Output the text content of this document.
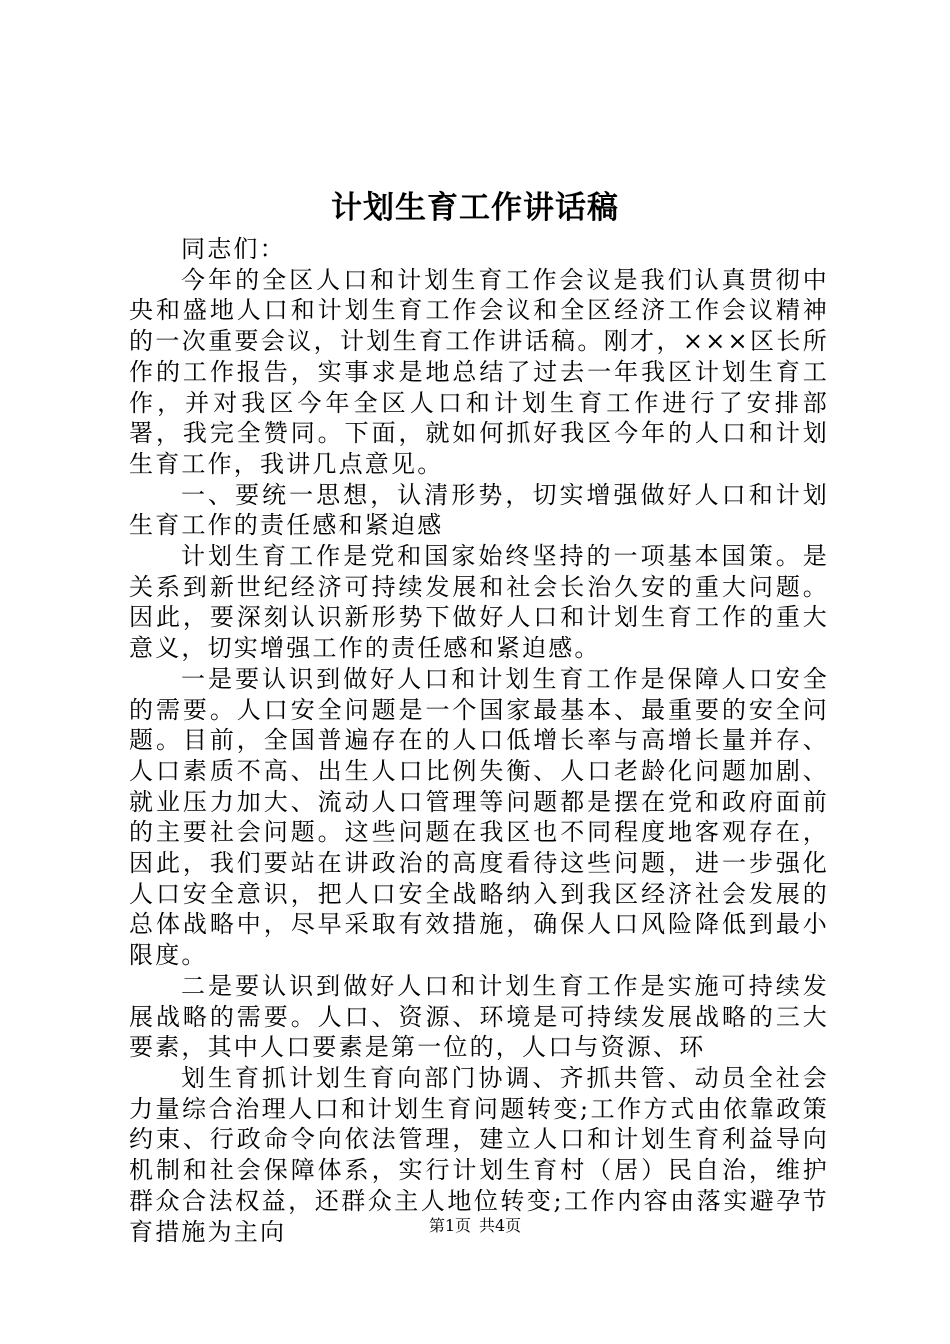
计划生育工作讲话稿

同志们：

今年的全区人口和计划生育工作会议是我们认真贯彻中央和盛地人口和计划生育工作会议和全区经济工作会议精神的一次重要会议，计划生育工作讲话稿。刚才，×××区长所作的工作报告，实事求是地总结了过去一年我区计划生育工作，并对我区今年全区人口和计划生育工作进行了安排部署，我完全赞同。下面，就如何抓好我区今年的人口和计划生育工作，我讲几点意见。

一、要统一思想，认清形势，切实增强做好人口和计划生育工作的责任感和紧迫感

计划生育工作是党和国家始终坚持的一项基本国策。是关系到新世纪经济可持续发展和社会长治久安的重大问题。因此，要深刻认识新形势下做好人口和计划生育工作的重大意义，切实增强工作的责任感和紧迫感。

一是要认识到做好人口和计划生育工作是保障人口安全的需要。人口安全问题是一个国家最基本、最重要的安全问题。目前，全国普遍存在的人口低增长率与高增长量并存、人口素质不高、出生人口比例失衡、人口老龄化问题加剧、就业压力加大、流动人口管理等问题都是摆在党和政府面前的主要社会问题。这些问题在我区也不同程度地客观存在，因此，我们要站在讲政治的高度看待这些问题，进一步强化人口安全意识，把人口安全战略纳入到我区经济社会发展的总体战略中，尽早采取有效措施，确保人口风险降低到最小限度。

二是要认识到做好人口和计划生育工作是实施可持续发展战略的需要。人口、资源、环境是可持续发展战略的三大要素，其中人口要素是第一位的，人口与资源、环

划生育抓计划生育向部门协调、齐抓共管、动员全社会力量综合治理人口和计划生育问题转变;工作方式由依靠政策约束、行政命令向依法管理，建立人口和计划生育利益导向机制和社会保障体系，实行计划生育村（居）民自治，维护群众合法权益，还群众主人地位转变;工作内容由落实避孕节育措施为主向	第1页 共4页
